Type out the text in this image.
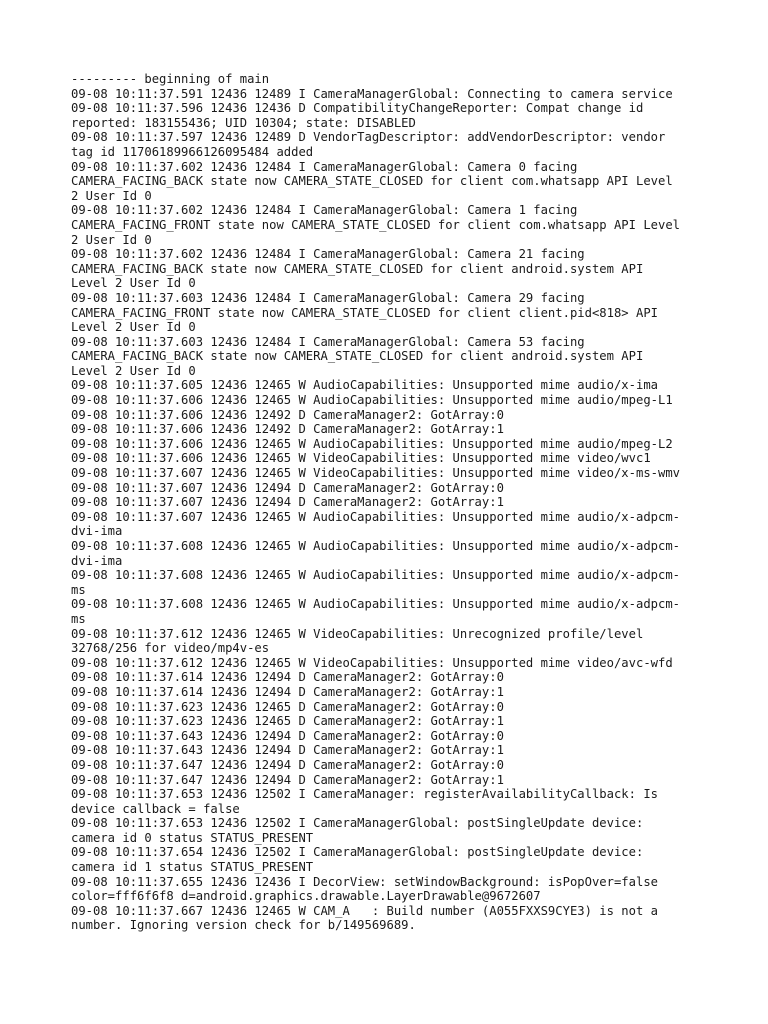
--------- beginning of main
09-08 10:11:37.591 12436 12489 I CameraManagerGlobal: Connecting to camera service
09-08 10:11:37.596 12436 12436 D CompatibilityChangeReporter: Compat change id
reported: 183155436; UID 10304; state: DISABLED
09-08 10:11:37.597 12436 12489 D VendorTagDescriptor: addVendorDescriptor: vendor
tag id 11706189966126095484 added
09-08 10:11:37.602 12436 12484 I CameraManagerGlobal: Camera 0 facing
CAMERA_FACING_BACK state now CAMERA_STATE_CLOSED for client com.whatsapp API Level
2 User Id 0
09-08 10:11:37.602 12436 12484 I CameraManagerGlobal: Camera 1 facing
CAMERA_FACING_FRONT state now CAMERA_STATE_CLOSED for client com.whatsapp API Level
2 User Id 0
09-08 10:11:37.602 12436 12484 I CameraManagerGlobal: Camera 21 facing
CAMERA_FACING_BACK state now CAMERA_STATE_CLOSED for client android.system API
Level 2 User Id 0
09-08 10:11:37.603 12436 12484 I CameraManagerGlobal: Camera 29 facing
CAMERA_FACING_FRONT state now CAMERA_STATE_CLOSED for client client.pid<818> API
Level 2 User Id 0
09-08 10:11:37.603 12436 12484 I CameraManagerGlobal: Camera 53 facing
CAMERA_FACING_BACK state now CAMERA_STATE_CLOSED for client android.system API
Level 2 User Id 0
09-08 10:11:37.605 12436 12465 W AudioCapabilities: Unsupported mime audio/x-ima
09-08 10:11:37.606 12436 12465 W AudioCapabilities: Unsupported mime audio/mpeg-L1
09-08 10:11:37.606 12436 12492 D CameraManager2: GotArray:0
09-08 10:11:37.606 12436 12492 D CameraManager2: GotArray:1
09-08 10:11:37.606 12436 12465 W AudioCapabilities: Unsupported mime audio/mpeg-L2
09-08 10:11:37.606 12436 12465 W VideoCapabilities: Unsupported mime video/wvc1
09-08 10:11:37.607 12436 12465 W VideoCapabilities: Unsupported mime video/x-ms-wmv
09-08 10:11:37.607 12436 12494 D CameraManager2: GotArray:0
09-08 10:11:37.607 12436 12494 D CameraManager2: GotArray:1
09-08 10:11:37.607 12436 12465 W AudioCapabilities: Unsupported mime audio/x-adpcm-
dvi-ima
09-08 10:11:37.608 12436 12465 W AudioCapabilities: Unsupported mime audio/x-adpcm-
dvi-ima
09-08 10:11:37.608 12436 12465 W AudioCapabilities: Unsupported mime audio/x-adpcm-
ms
09-08 10:11:37.608 12436 12465 W AudioCapabilities: Unsupported mime audio/x-adpcm-
ms
09-08 10:11:37.612 12436 12465 W VideoCapabilities: Unrecognized profile/level
32768/256 for video/mp4v-es
09-08 10:11:37.612 12436 12465 W VideoCapabilities: Unsupported mime video/avc-wfd
09-08 10:11:37.614 12436 12494 D CameraManager2: GotArray:0
09-08 10:11:37.614 12436 12494 D CameraManager2: GotArray:1
09-08 10:11:37.623 12436 12465 D CameraManager2: GotArray:0
09-08 10:11:37.623 12436 12465 D CameraManager2: GotArray:1
09-08 10:11:37.643 12436 12494 D CameraManager2: GotArray:0
09-08 10:11:37.643 12436 12494 D CameraManager2: GotArray:1
09-08 10:11:37.647 12436 12494 D CameraManager2: GotArray:0
09-08 10:11:37.647 12436 12494 D CameraManager2: GotArray:1
09-08 10:11:37.653 12436 12502 I CameraManager: registerAvailabilityCallback: Is
device callback = false
09-08 10:11:37.653 12436 12502 I CameraManagerGlobal: postSingleUpdate device:
camera id 0 status STATUS_PRESENT
09-08 10:11:37.654 12436 12502 I CameraManagerGlobal: postSingleUpdate device:
camera id 1 status STATUS_PRESENT
09-08 10:11:37.655 12436 12436 I DecorView: setWindowBackground: isPopOver=false
color=fff6f6f8 d=android.graphics.drawable.LayerDrawable@9672607
09-08 10:11:37.667 12436 12465 W CAM_A   : Build number (A055FXXS9CYE3) is not a
number. Ignoring version check for b/149569689.
